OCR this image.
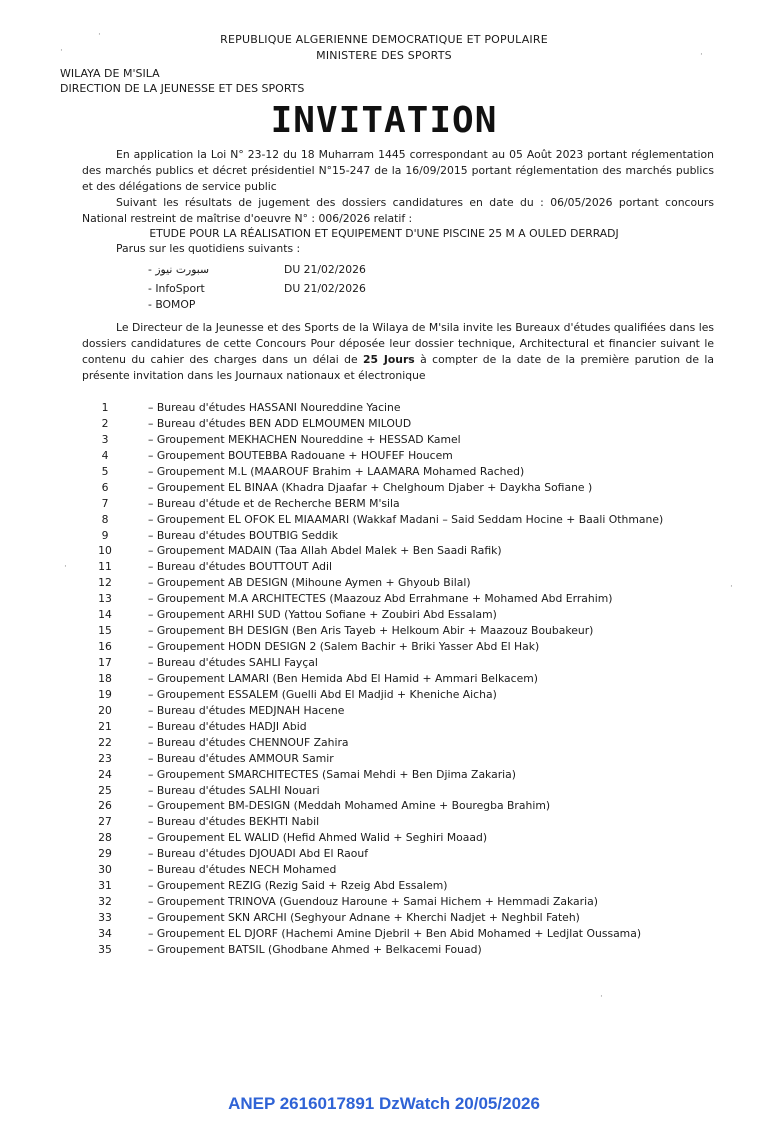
REPUBLIQUE ALGERIENNE DEMOCRATIQUE ET POPULAIRE
MINISTERE DES SPORTS
WILAYA DE M'SILA
DIRECTION DE LA JEUNESSE ET DES SPORTS
INVITATION
En application la Loi N° 23-12 du 18 Muharram 1445 correspondant au 05 Août 2023 portant réglementation des marchés publics et décret présidentiel N°15-247 de la 16/09/2015 portant réglementation des marchés publics et des délégations de service public
Suivant les résultats de jugement des dossiers candidatures en date du : 06/05/2026 portant concours National restreint de maîtrise d'oeuvre N° : 006/2026 relatif :
ETUDE POUR LA RÉALISATION ET EQUIPEMENT D'UNE PISCINE 25 M A OULED DERRADJ
Parus sur les quotidiens suivants :
- سبورت نيوز	DU 21/02/2026
- InfoSport	DU 21/02/2026
- BOMOP
Le Directeur de la Jeunesse et des Sports de la Wilaya de M'sila invite les Bureaux d'études qualifiées dans les dossiers candidatures de cette Concours Pour déposée leur dossier technique, Architectural et financier suivant le contenu du cahier des charges dans un délai de 25 Jours à compter de la date de la première parution de la présente invitation dans les Journaux nationaux et électronique
1	– Bureau d'études HASSANI Noureddine Yacine
2	– Bureau d'études BEN ADD ELMOUMEN MILOUD
3	– Groupement MEKHACHEN Noureddine + HESSAD Kamel
4	– Groupement BOUTEBBA Radouane + HOUFEF Houcem
5	– Groupement M.L (MAAROUF Brahim + LAAMARA Mohamed Rached)
6	– Groupement EL BINAA (Khadra Djaafar + Chelghoum Djaber + Daykha Sofiane )
7	– Bureau d'étude et de Recherche BERM M'sila
8	– Groupement EL OFOK EL MIAAMARI (Wakkaf Madani – Said Seddam Hocine + Baali Othmane)
9	– Bureau d'études BOUTBIG Seddik
10	– Groupement MADAIN (Taa Allah Abdel Malek + Ben Saadi Rafik)
11	– Bureau d'études BOUTTOUT Adil
12	– Groupement AB DESIGN (Mihoune Aymen + Ghyoub Bilal)
13	– Groupement M.A ARCHITECTES (Maazouz Abd Errahmane + Mohamed Abd Errahim)
14	– Groupement ARHI SUD (Yattou Sofiane + Zoubiri Abd Essalam)
15	– Groupement BH DESIGN (Ben Aris Tayeb + Helkoum Abir + Maazouz Boubakeur)
16	– Groupement HODN DESIGN 2 (Salem Bachir + Briki Yasser Abd El Hak)
17	– Bureau d'études SAHLI Fayçal
18	– Groupement LAMARI (Ben Hemida Abd El Hamid + Ammari Belkacem)
19	– Groupement ESSALEM (Guelli Abd El Madjid + Kheniche Aicha)
20	– Bureau d'études MEDJNAH Hacene
21	– Bureau d'études HADJI Abid
22	– Bureau d'études CHENNOUF Zahira
23	– Bureau d'études AMMOUR Samir
24	– Groupement SMARCHITECTES (Samai Mehdi + Ben Djima Zakaria)
25	– Bureau d'études SALHI Nouari
26	– Groupement BM-DESIGN (Meddah Mohamed Amine + Bouregba Brahim)
27	– Bureau d'études BEKHTI Nabil
28	– Groupement EL WALID (Hefid Ahmed Walid + Seghiri Moaad)
29	– Bureau d'études DJOUADI Abd El Raouf
30	– Bureau d'études NECH Mohamed
31	– Groupement REZIG (Rezig Said + Rzeig Abd Essalem)
32	– Groupement TRINOVA (Guendouz Haroune + Samai Hichem + Hemmadi Zakaria)
33	– Groupement SKN ARCHI (Seghyour Adnane + Kherchi Nadjet + Neghbil Fateh)
34	– Groupement EL DJORF (Hachemi Amine Djebril + Ben Abid Mohamed + Ledjlat Oussama)
35	– Groupement BATSIL (Ghodbane Ahmed + Belkacemi Fouad)
·
·	·
·
·
·
ANEP 2616017891 DzWatch 20/05/2026
